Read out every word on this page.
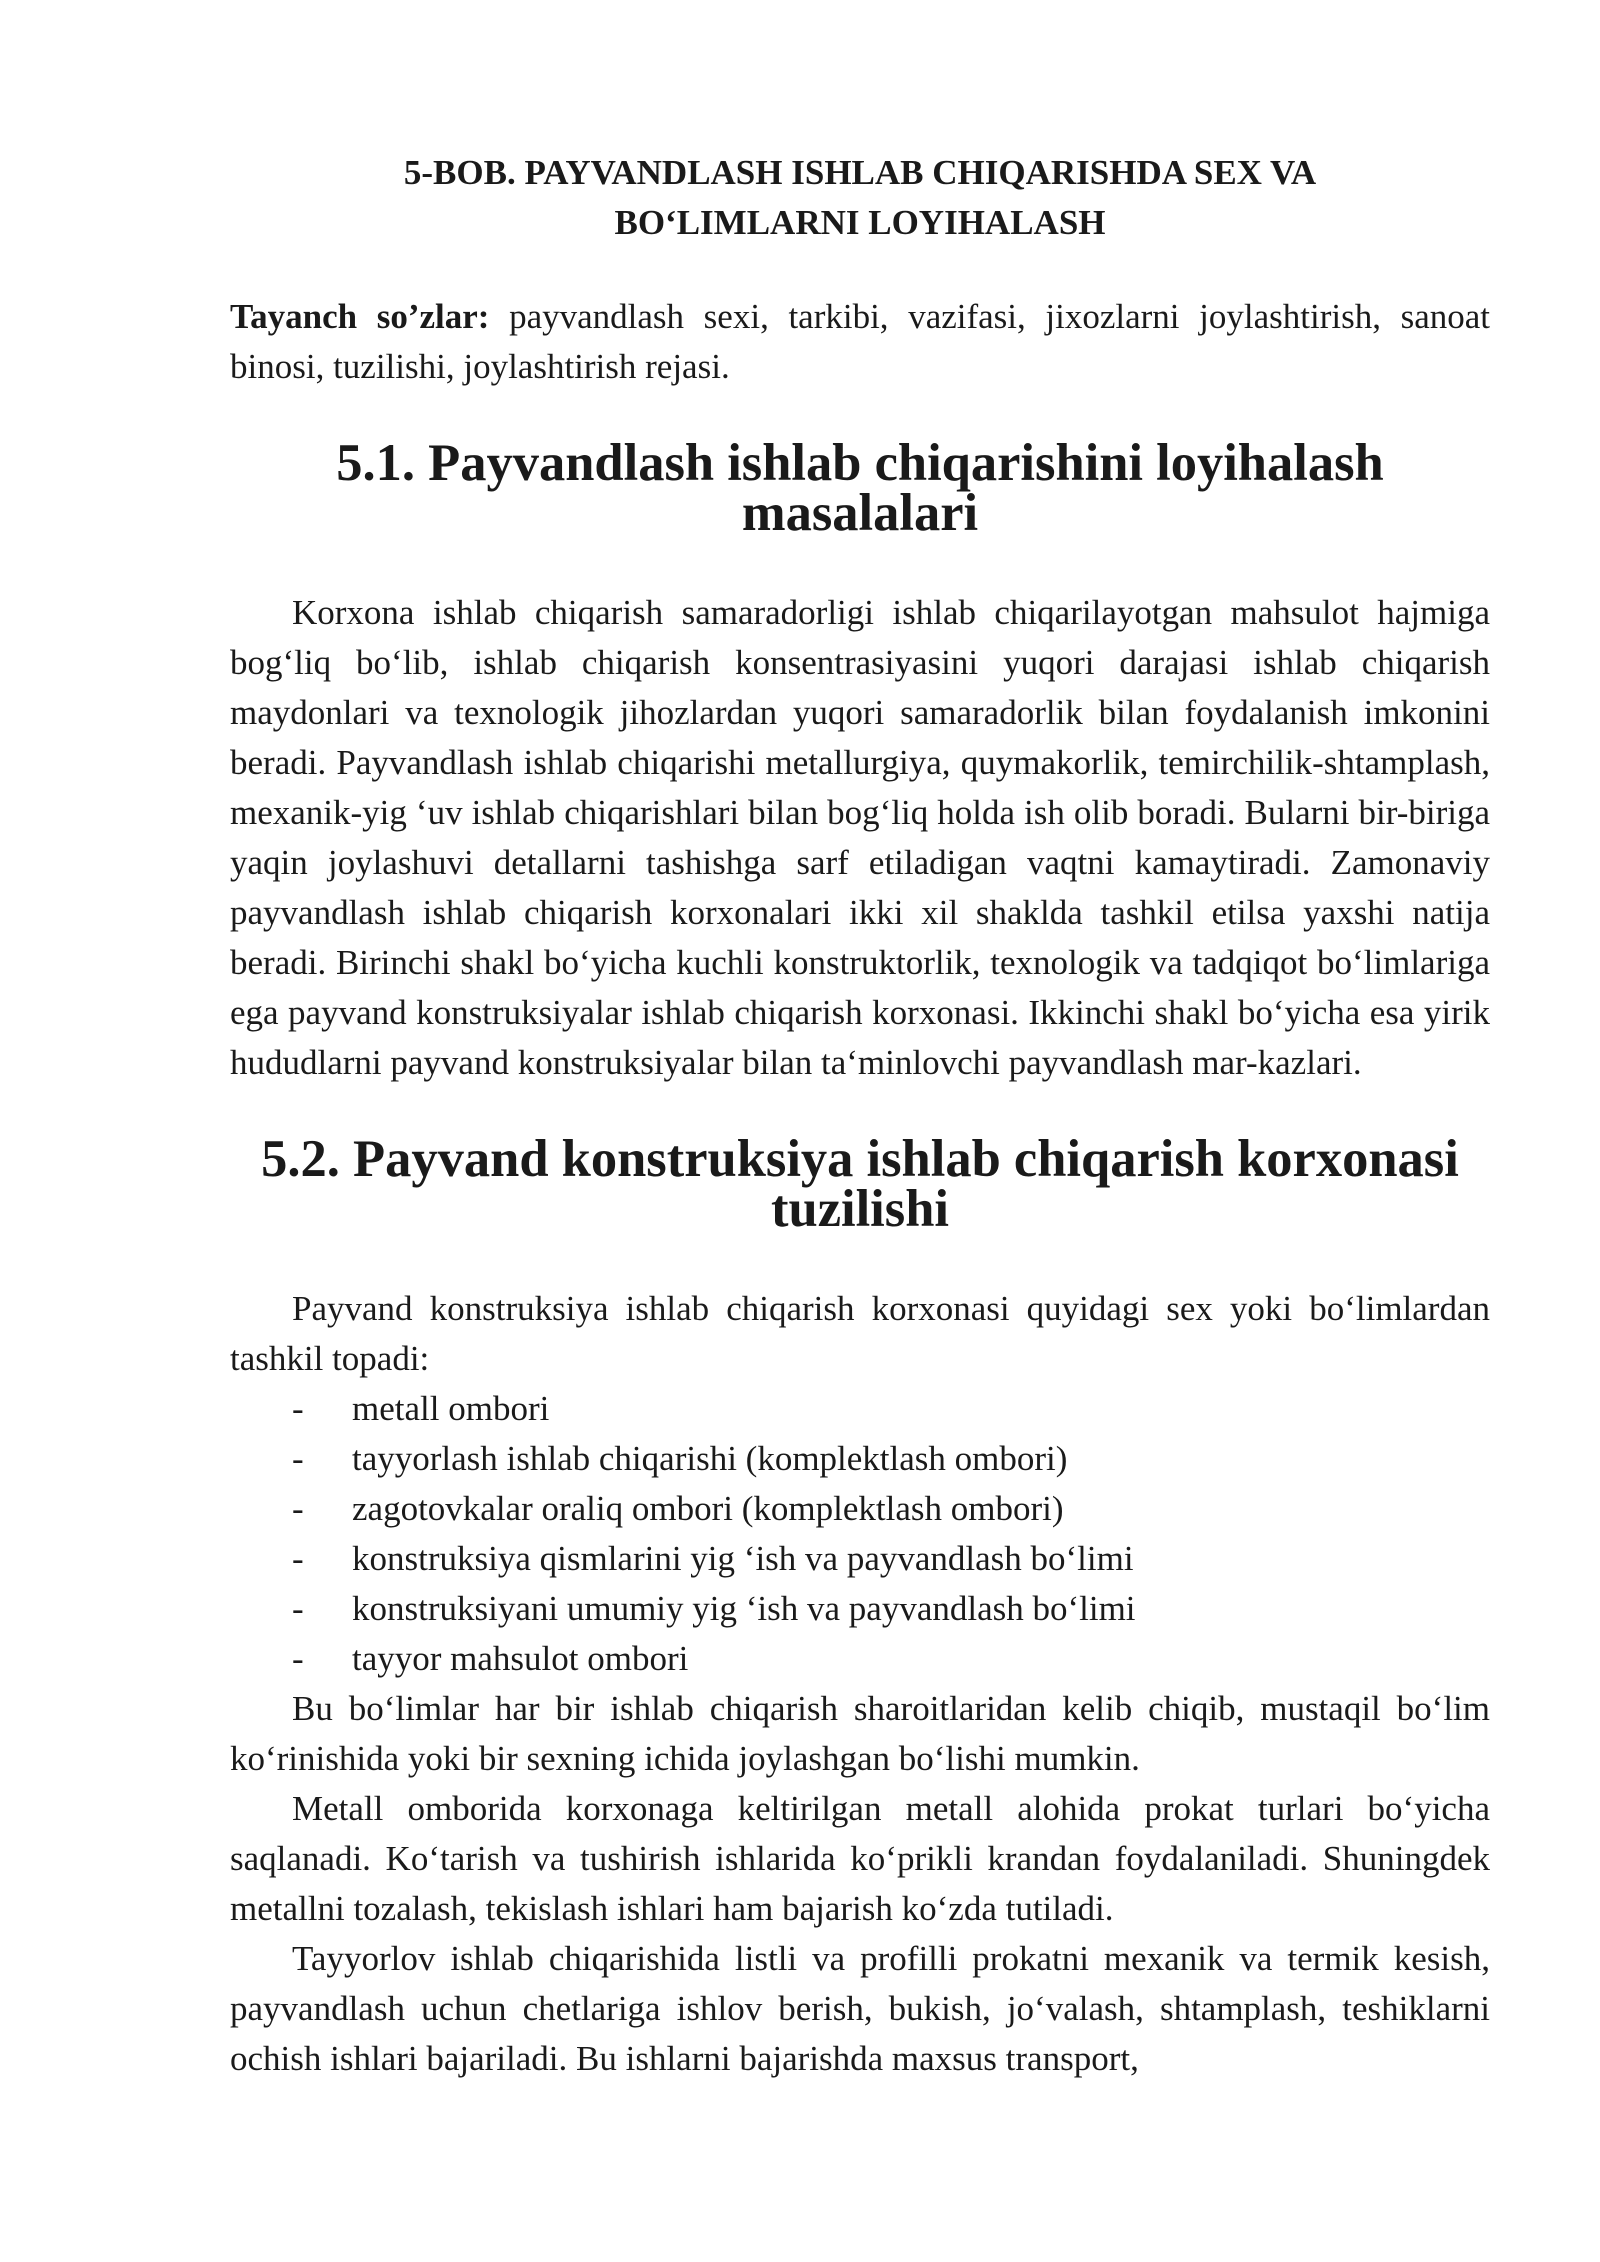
5-BOB. PAYVANDLASH ISHLAB CHIQARISHDA SEX VA
BO‘LIMLARNI LOYIHALASH

Tayanch so’zlar: payvandlash sexi, tarkibi, vazifasi, jixozlarni joylashtirish, sanoat binosi, tuzilishi, joylashtirish rejasi.

5.1. Payvandlash ishlab chiqarishini loyihalash masalalari

Korxona ishlab chiqarish samaradorligi ishlab chiqarilayotgan mahsulot hajmiga bog‘liq bo‘lib, ishlab chiqarish konsentrasiyasini yuqori darajasi ishlab chiqarish maydonlari va texnologik jihozlardan yuqori samaradorlik bilan foydalanish imkonini beradi. Payvandlash ishlab chiqarishi metallurgiya, quymakorlik, temirchilik-shtamplash, mexanik-yig ‘uv ishlab chiqarishlari bilan bog‘liq holda ish olib boradi. Bularni bir-biriga yaqin joylashuvi detallarni tashishga sarf etiladigan vaqtni kamaytiradi. Zamonaviy payvandlash ishlab chiqarish korxonalari ikki xil shaklda tashkil etilsa yaxshi natija beradi. Birinchi shakl bo‘yicha kuchli konstruktorlik, texnologik va tadqiqot bo‘limlariga ega payvand konstruksiyalar ishlab chiqarish korxonasi. Ikkinchi shakl bo‘yicha esa yirik hududlarni payvand konstruksiyalar bilan ta‘minlovchi payvandlash mar-kazlari.

5.2. Payvand konstruksiya ishlab chiqarish korxonasi tuzilishi

Payvand konstruksiya ishlab chiqarish korxonasi quyidagi sex yoki bo‘limlardan tashkil topadi:

- metall ombori
- tayyorlash ishlab chiqarishi (komplektlash ombori)
- zagotovkalar oraliq ombori (komplektlash ombori)
- konstruksiya qismlarini yig ‘ish va payvandlash bo‘limi
- konstruksiyani umumiy yig ‘ish va payvandlash bo‘limi
- tayyor mahsulot ombori

Bu bo‘limlar har bir ishlab chiqarish sharoitlaridan kelib chiqib, mustaqil bo‘lim ko‘rinishida yoki bir sexning ichida joylashgan bo‘lishi mumkin.

Metall omborida korxonaga keltirilgan metall alohida prokat turlari bo‘yicha saqlanadi. Ko‘tarish va tushirish ishlarida ko‘prikli krandan foydalaniladi. Shuningdek metallni tozalash, tekislash ishlari ham bajarish ko‘zda tutiladi.

Tayyorlov ishlab chiqarishida listli va profilli prokatni mexanik va termik kesish, payvandlash uchun chetlariga ishlov berish, bukish, jo‘valash, shtamplash, teshiklarni ochish ishlari bajariladi. Bu ishlarni bajarishda maxsus transport,
